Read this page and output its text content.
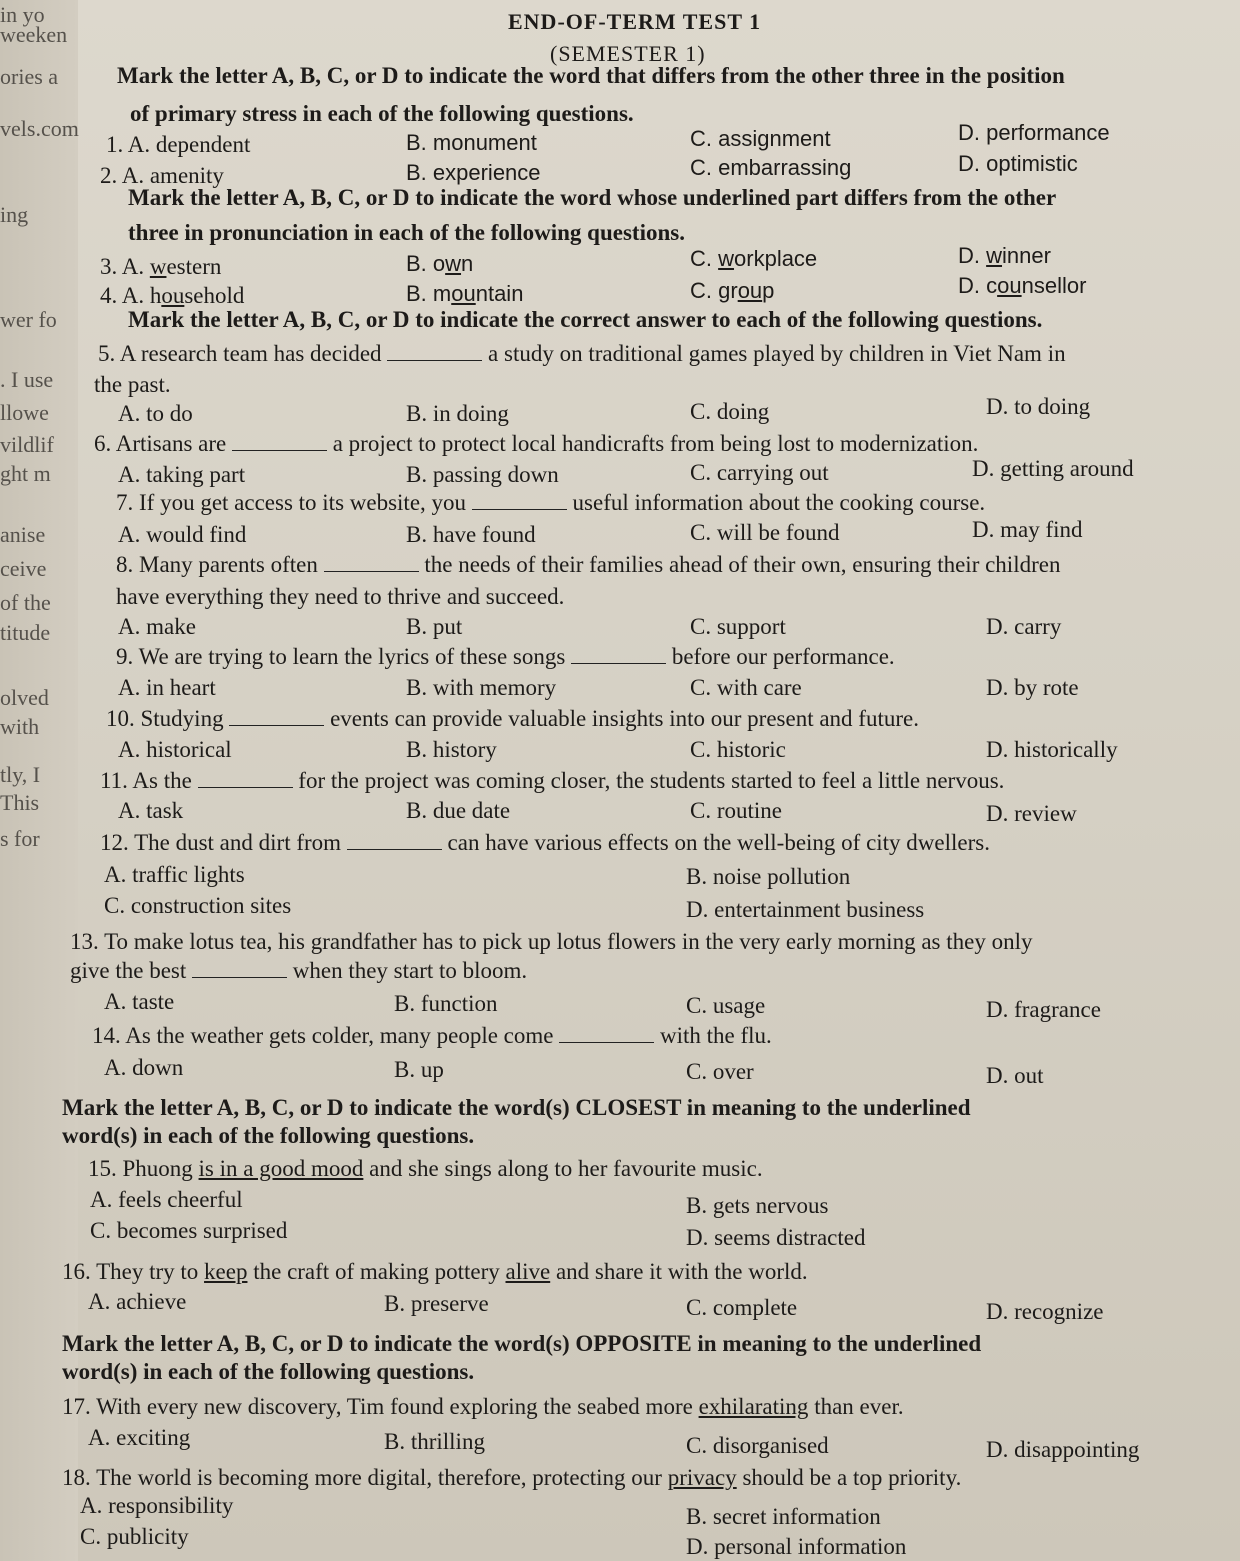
in yo
weeken
ories a
vels.com
ing
wer fo
. I use
llowe
vildlif
ght m
anise
ceive
of the
titude
olved
with
tly, I
This
s for
END-OF-TERM TEST 1
(SEMESTER 1)
Mark the letter A, B, C, or D to indicate the word that differs from the other three in the position
of primary stress in each of the following questions.
1. A. dependent	B. monument	C. assignment	D. performance
2. A. amenity	B. experience	C. embarrassing	D. optimistic
Mark the letter A, B, C, or D to indicate the word whose underlined part differs from the other
three in pronunciation in each of the following questions.
3. A. western	B. own	C. workplace	D. winner
4. A. household	B. mountain	C. group	D. counsellor
Mark the letter A, B, C, or D to indicate the correct answer to each of the following questions.
5. A research team has decided	a study on traditional games played by children in Viet Nam in
the past.
A. to do	B. in doing	C. doing	D. to doing
6. Artisans are	a project to protect local handicrafts from being lost to modernization.
A. taking part	B. passing down	C. carrying out	D. getting around
7. If you get access to its website, you	useful information about the cooking course.
A. would find	B. have found	C. will be found	D. may find
8. Many parents often	the needs of their families ahead of their own, ensuring their children
have everything they need to thrive and succeed.
A. make	B. put	C. support	D. carry
9. We are trying to learn the lyrics of these songs	before our performance.
A. in heart	B. with memory	C. with care	D. by rote
10. Studying	events can provide valuable insights into our present and future.
A. historical	B. history	C. historic	D. historically
11. As the	for the project was coming closer, the students started to feel a little nervous.
A. task	B. due date	C. routine	D. review
12. The dust and dirt from	can have various effects on the well-being of city dwellers.
A. traffic lights	B. noise pollution
C. construction sites	D. entertainment business
13. To make lotus tea, his grandfather has to pick up lotus flowers in the very early morning as they only
give the best	when they start to bloom.
A. taste	B. function	C. usage	D. fragrance
14. As the weather gets colder, many people come	with the flu.
A. down	B. up	C. over	D. out
Mark the letter A, B, C, or D to indicate the word(s) CLOSEST in meaning to the underlined
word(s) in each of the following questions.
15. Phuong is in a good mood and she sings along to her favourite music.
A. feels cheerful	B. gets nervous
C. becomes surprised	D. seems distracted
16. They try to keep the craft of making pottery alive and share it with the world.
A. achieve	B. preserve	C. complete	D. recognize
Mark the letter A, B, C, or D to indicate the word(s) OPPOSITE in meaning to the underlined
word(s) in each of the following questions.
17. With every new discovery, Tim found exploring the seabed more exhilarating than ever.
A. exciting	B. thrilling	C. disorganised	D. disappointing
18. The world is becoming more digital, therefore, protecting our privacy should be a top priority.
A. responsibility	B. secret information
C. publicity	D. personal information
